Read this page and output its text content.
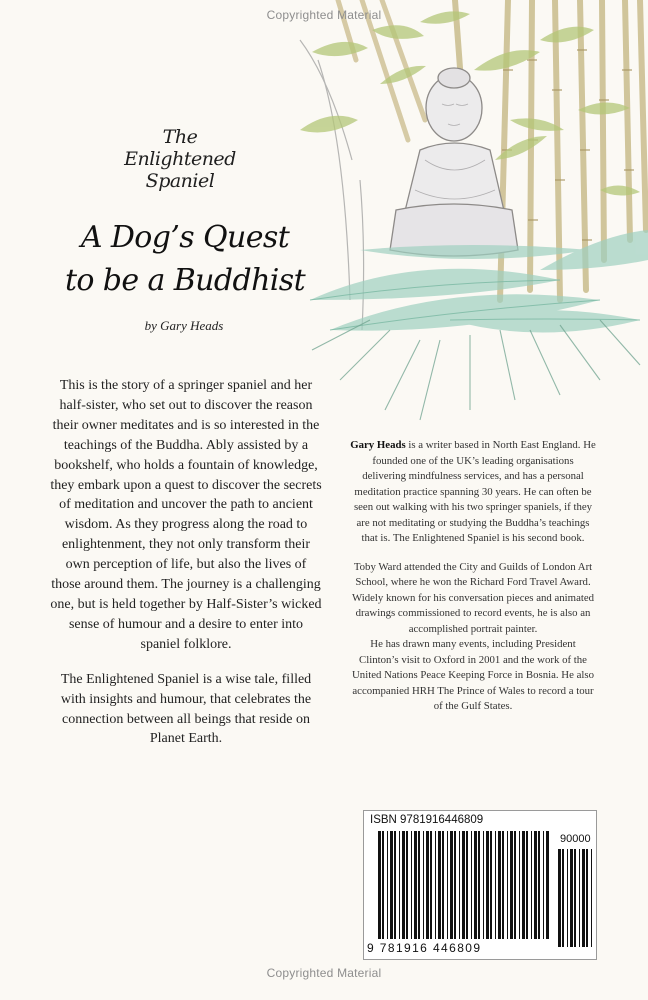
Copyrighted Material
The
Enlightened
Spaniel
A Dog’s Quest
to be a Buddhist
by Gary Heads

This is the story of a springer spaniel and her half-sister, who set out to discover the reason their owner meditates and is so interested in the teachings of the Buddha. Ably assisted by a bookshelf, who holds a fountain of knowledge, they embark upon a quest to discover the secrets of meditation and uncover the path to ancient wisdom. As they progress along the road to enlightenment, they not only transform their own perception of life, but also the lives of those around them. The journey is a challenging one, but is held together by Half-Sister’s wicked sense of humour and a desire to enter into spaniel folklore.

The Enlightened Spaniel is a wise tale, filled with insights and humour, that celebrates the connection between all beings that reside on Planet Earth.

Gary Heads is a writer based in North East England. He founded one of the UK’s leading organisations delivering mindfulness services, and has a personal meditation practice spanning 30 years. He can often be seen out walking with his two springer spaniels, if they are not meditating or studying the Buddha’s teachings that is. The Enlightened Spaniel is his second book.

Toby Ward attended the City and Guilds of London Art School, where he won the Richard Ford Travel Award. Widely known for his conversation pieces and animated drawings commissioned to record events, he is also an accomplished portrait painter.

He has drawn many events, including President Clinton’s visit to Oxford in 2001 and the work of the United Nations Peace Keeping Force in Bosnia. He also accompanied HRH The Prince of Wales to record a tour of the Gulf States.

ISBN 9781916446809
90000
9 781916 446809
Copyrighted Material
